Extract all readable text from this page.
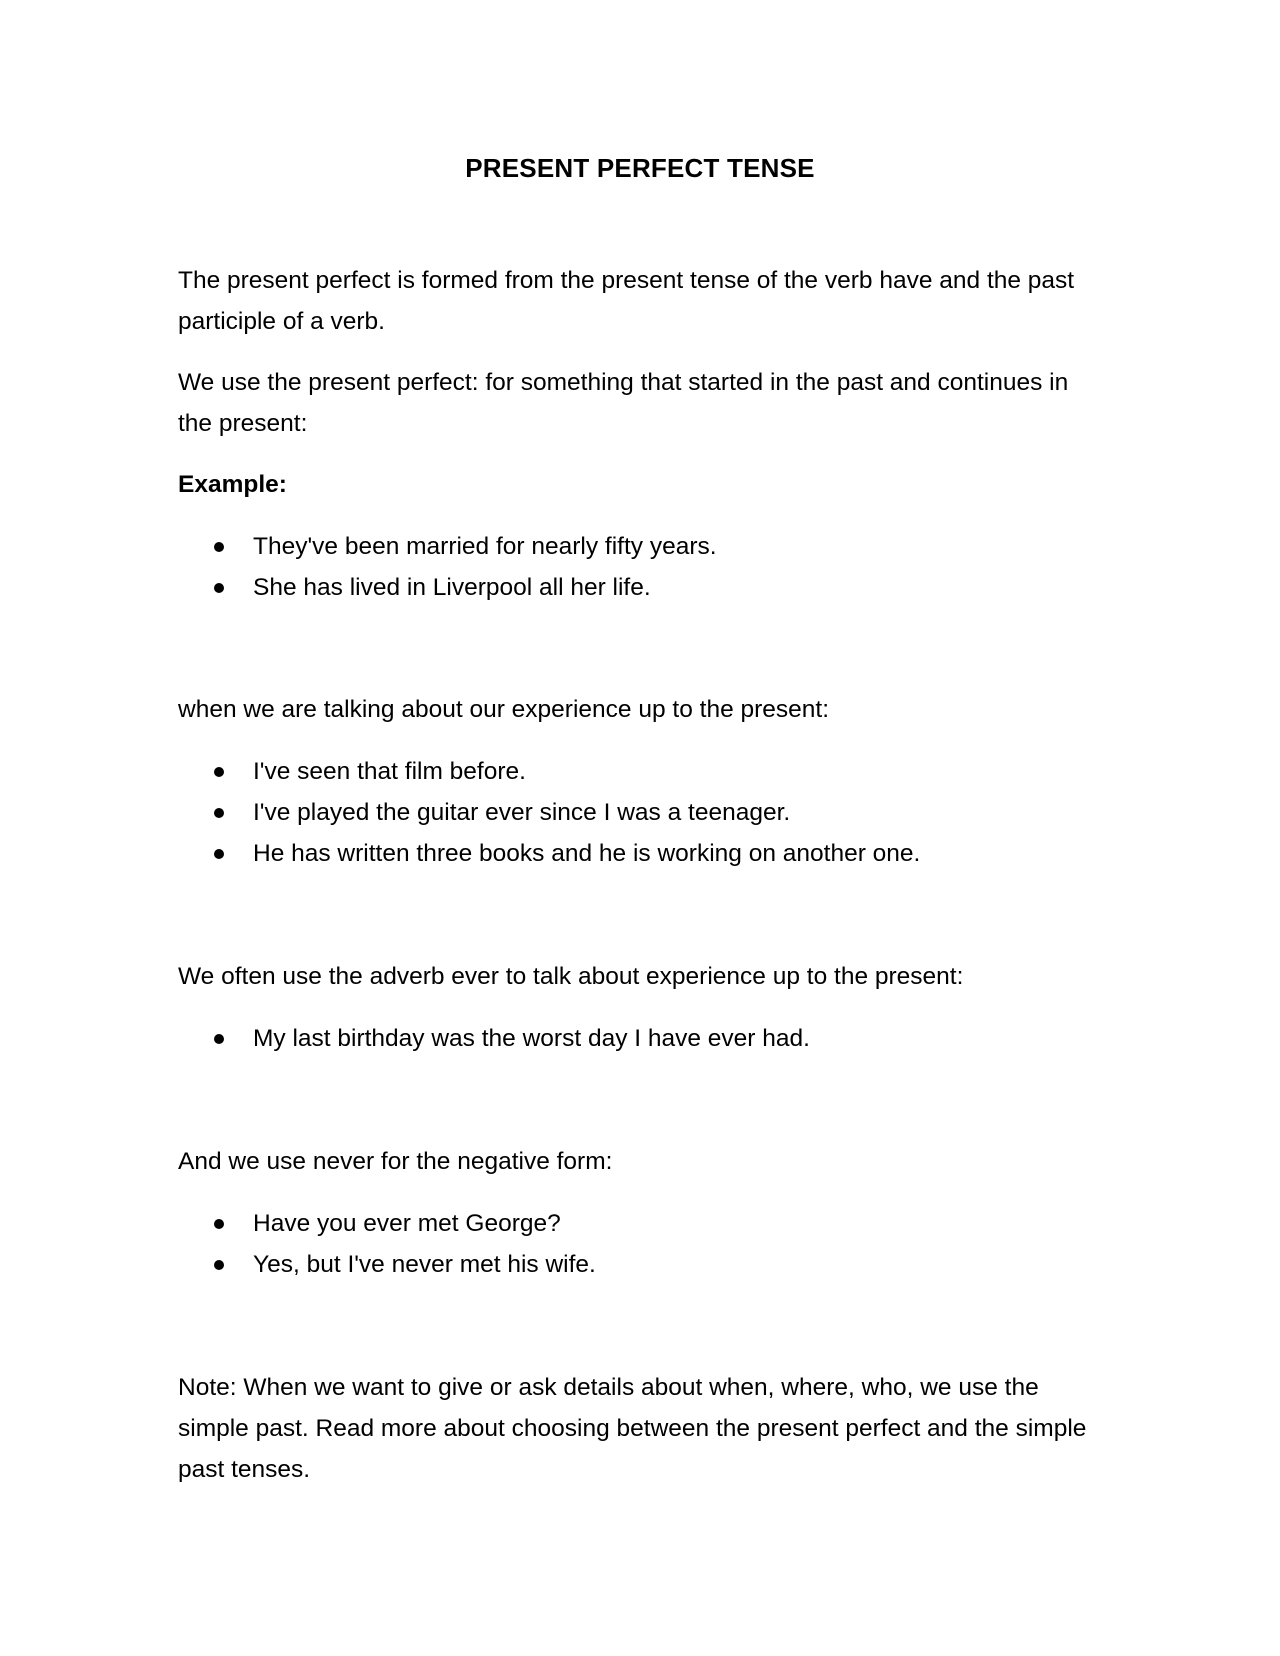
PRESENT PERFECT TENSE

The present perfect is formed from the present tense of the verb have and the past participle of a verb.

We use the present perfect: for something that started in the past and continues in the present:

Example:

They've been married for nearly fifty years.
She has lived in Liverpool all her life.

when we are talking about our experience up to the present:

I've seen that film before.
I've played the guitar ever since I was a teenager.
He has written three books and he is working on another one.

We often use the adverb ever to talk about experience up to the present:

My last birthday was the worst day I have ever had.

And we use never for the negative form:

Have you ever met George?
Yes, but I've never met his wife.

Note: When we want to give or ask details about when, where, who, we use the simple past. Read more about choosing between the present perfect and the simple past tenses.
